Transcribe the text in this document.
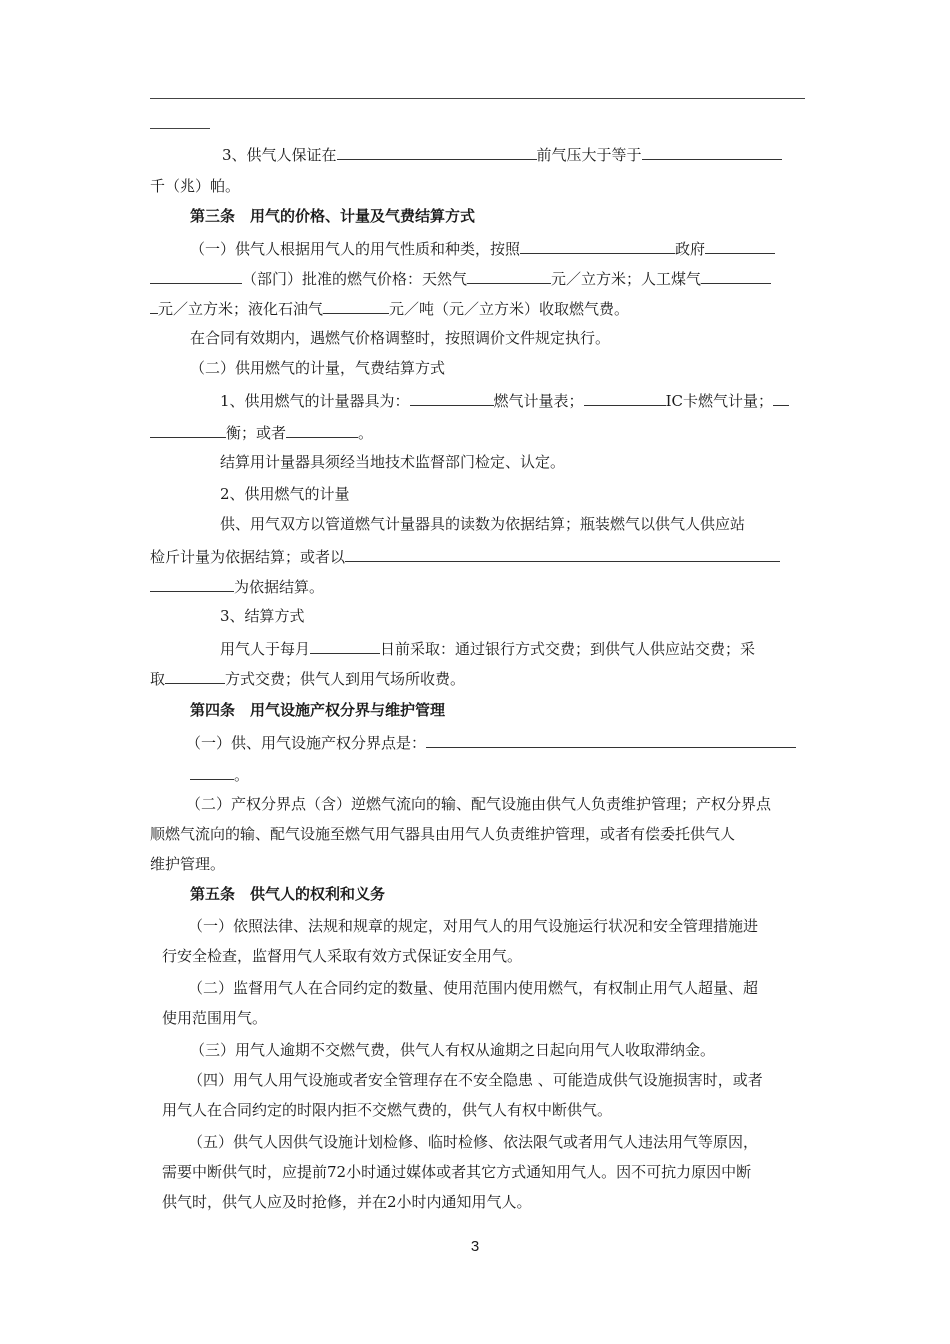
3、供气人保证在	前气压大于等于

千（兆）帕。

第三条　用气的价格、计量及气费结算方式

（一）供气人根据用气人的用气性质和种类，按照	政府

（部门）批准的燃气价格：天然气	元／立方米；人工煤气

元／立方米；液化石油气	元／吨（元／立方米）收取燃气费。

在合同有效期内，遇燃气价格调整时，按照调价文件规定执行。

（二）供用燃气的计量，气费结算方式

1、供用燃气的计量器具为：	燃气计量表；	IC卡燃气计量；

衡；或者	。

结算用计量器具须经当地技术监督部门检定、认定。

2、供用燃气的计量

供、用气双方以管道燃气计量器具的读数为依据结算；瓶装燃气以供气人供应站

检斤计量为依据结算；或者以

为依据结算。

3、结算方式

用气人于每月	日前采取：通过银行方式交费；到供气人供应站交费；采

取	方式交费；供气人到用气场所收费。

第四条　用气设施产权分界与维护管理

（一）供、用气设施产权分界点是：

。

（二）产权分界点（含）逆燃气流向的输、配气设施由供气人负责维护管理；产权分界点

顺燃气流向的输、配气设施至燃气用气器具由用气人负责维护管理，或者有偿委托供气人

维护管理。

第五条　供气人的权利和义务

（一）依照法律、法规和规章的规定，对用气人的用气设施运行状况和安全管理措施进

行安全检查，监督用气人采取有效方式保证安全用气。

（二）监督用气人在合同约定的数量、使用范围内使用燃气，有权制止用气人超量、超

使用范围用气。

（三）用气人逾期不交燃气费，供气人有权从逾期之日起向用气人收取滞纳金。

（四）用气人用气设施或者安全管理存在不安全隐患 、可能造成供气设施损害时，或者

用气人在合同约定的时限内拒不交燃气费的，供气人有权中断供气。

（五）供气人因供气设施计划检修、临时检修、依法限气或者用气人违法用气等原因，

需要中断供气时，应提前72小时通过媒体或者其它方式通知用气人。因不可抗力原因中断

供气时，供气人应及时抢修，并在2小时内通知用气人。

3
